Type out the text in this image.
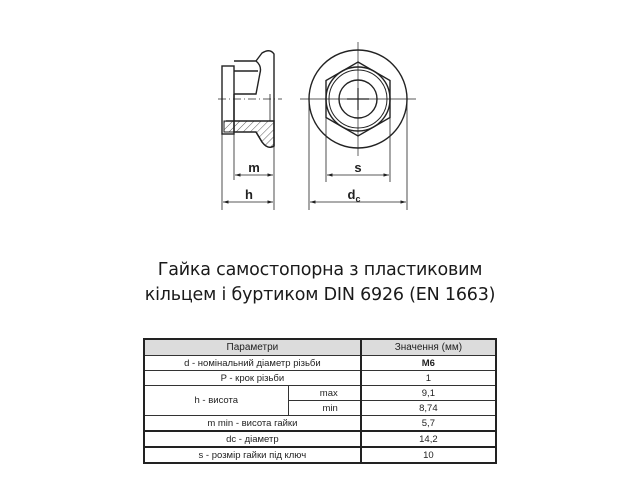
m
h
s
$d_c$
Гайка самостопорна з пластиковим
кільцем і буртиком DIN 6926 (EN 1663)
Параметри		Значення (мм)
d - номінальний діаметр різьби		M6
P - крок різьби		1
h - висота	max	9,1
	min	8,74
m min - висота гайки		5,7
dc - діаметр		14,2
s - розмір гайки під ключ		10
